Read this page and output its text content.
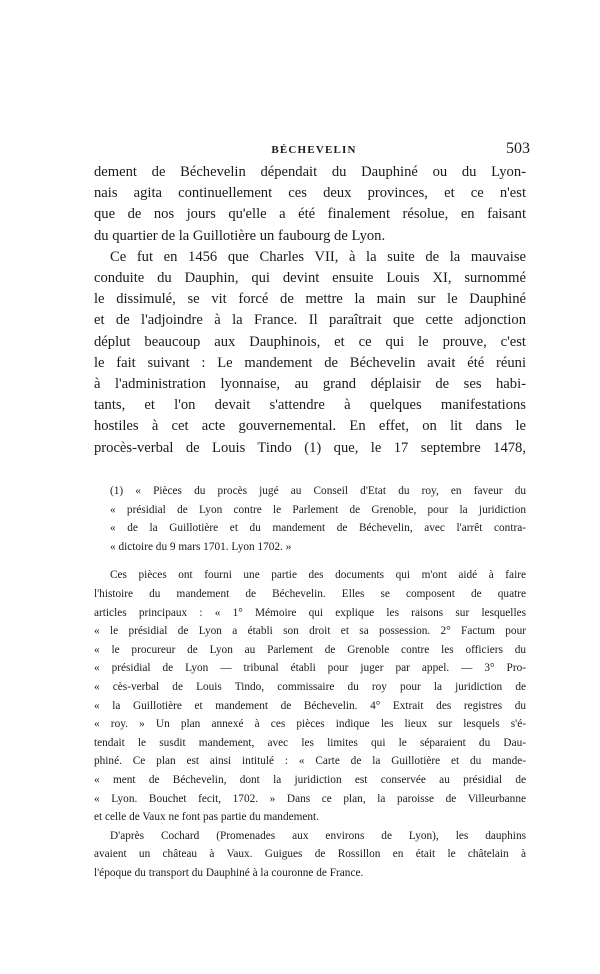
BÉCHEVELIN	503
dement de Béchevelin dépendait du Dauphiné ou du Lyon-
nais agita continuellement ces deux provinces, et ce n'est
que de nos jours qu'elle a été finalement résolue, en faisant
du quartier de la Guillotière un faubourg de Lyon.
Ce fut en 1456 que Charles VII, à la suite de la mauvaise
conduite du Dauphin, qui devint ensuite Louis XI, surnommé
le dissimulé, se vit forcé de mettre la main sur le Dauphiné
et de l'adjoindre à la France. Il paraîtrait que cette adjonction
déplut beaucoup aux Dauphinois, et ce qui le prouve, c'est
le fait suivant : Le mandement de Béchevelin avait été réuni
à l'administration lyonnaise, au grand déplaisir de ses habi-
tants, et l'on devait s'attendre à quelques manifestations
hostiles à cet acte gouvernemental. En effet, on lit dans le
procès-verbal de Louis Tindo (1) que, le 17 septembre 1478,
(1) « Pièces du procès jugé au Conseil d'Etat du roy, en faveur du
« présidial de Lyon contre le Parlement de Grenoble, pour la juridiction
« de la Guillotière et du mandement de Béchevelin, avec l'arrêt contra-
« dictoire du 9 mars 1701. Lyon 1702. »
Ces pièces ont fourni une partie des documents qui m'ont aidé à faire
l'histoire du mandement de Béchevelin. Elles se composent de quatre
articles principaux : « 1° Mémoire qui explique les raisons sur lesquelles
« le présidial de Lyon a établi son droit et sa possession. 2° Factum pour
« le procureur de Lyon au Parlement de Grenoble contre les officiers du
« présidial de Lyon — tribunal établi pour juger par appel. — 3° Pro-
« cès-verbal de Louis Tindo, commissaire du roy pour la juridiction de
« la Guillotière et mandement de Béchevelin. 4° Extrait des registres du
« roy. » Un plan annexé à ces pièces indique les lieux sur lesquels s'é-
tendait le susdit mandement, avec les limites qui le séparaient du Dau-
phiné. Ce plan est ainsi intitulé : « Carte de la Guillotière et du mande-
« ment de Béchevelin, dont la juridiction est conservée au présidial de
« Lyon. Bouchet fecit, 1702. » Dans ce plan, la paroisse de Villeurbanne
et celle de Vaux ne font pas partie du mandement.
D'après Cochard (Promenades aux environs de Lyon), les dauphins
avaient un château à Vaux. Guigues de Rossillon en était le châtelain à
l'époque du transport du Dauphiné à la couronne de France.
